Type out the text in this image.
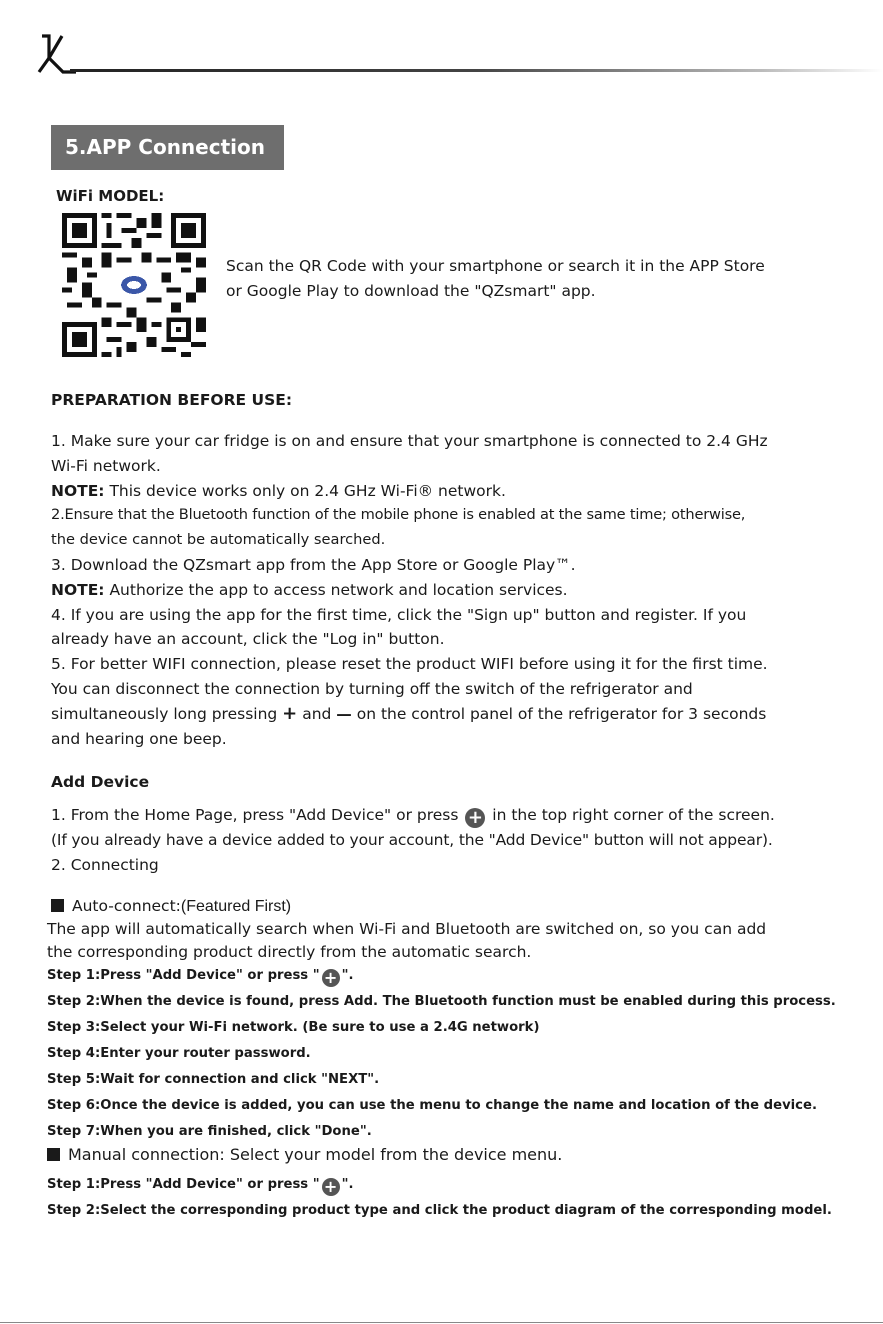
5.APP Connection
WiFi MODEL:
Scan the QR Code with your smartphone or search it in the APP Store
or Google Play to download the "QZsmart" app.
PREPARATION BEFORE USE:
1. Make sure your car fridge is on and ensure that your smartphone is connected to 2.4 GHz
Wi-Fi network.
NOTE: This device works only on 2.4 GHz Wi-Fi® network.
2.Ensure that the Bluetooth function of the mobile phone is enabled at the same time; otherwise,
the device cannot be automatically searched.
3. Download the QZsmart app from the App Store or Google Play™.
NOTE: Authorize the app to access network and location services.
4. If you are using the app for the first time, click the "Sign up" button and register. If you
already have an account, click the "Log in" button.
5. For better WIFI connection, please reset the product WIFI before using it for the first time.
You can disconnect the connection by turning off the switch of the refrigerator and
simultaneously long pressing + and — on the control panel of the refrigerator for 3 seconds
and hearing one beep.
Add Device
1. From the Home Page, press "Add Device" or press + in the top right corner of the screen.
(If you already have a device added to your account, the "Add Device" button will not appear).
2. Connecting
Auto-connect:(Featured First)
The app will automatically search when Wi-Fi and Bluetooth are switched on, so you can add
the corresponding product directly from the automatic search.
Step 1:Press "Add Device" or press " + ".
Step 2:When the device is found, press Add. The Bluetooth function must be enabled during this process.
Step 3:Select your Wi-Fi network. (Be sure to use a 2.4G network)
Step 4:Enter your router password.
Step 5:Wait for connection and click "NEXT".
Step 6:Once the device is added, you can use the menu to change the name and location of the device.
Step 7:When you are finished, click "Done".
Manual connection: Select your model from the device menu.
Step 1:Press "Add Device" or press " + ".
Step 2:Select the corresponding product type and click the product diagram of the corresponding model.
